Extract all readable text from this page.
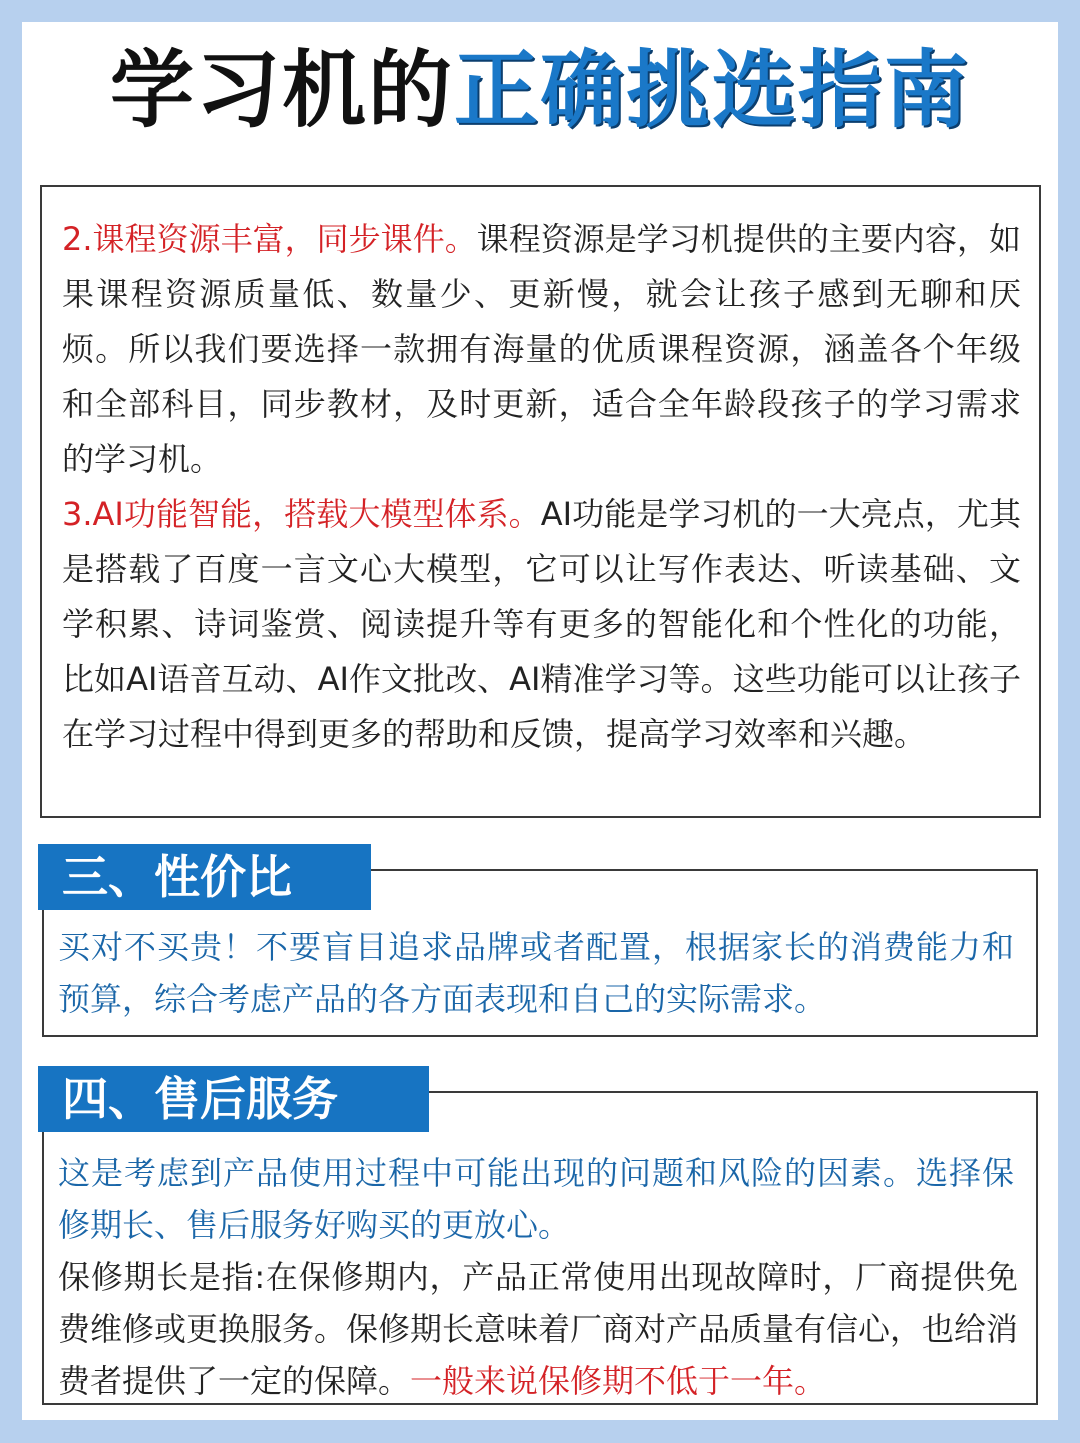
学习机的正确挑选指南

2.课程资源丰富，同步课件。课程资源是学习机提供的主要内容，如果课程资源质量低、数量少、更新慢，就会让孩子感到无聊和厌烦。所以我们要选择一款拥有海量的优质课程资源，涵盖各个年级和全部科目，同步教材，及时更新，适合全年龄段孩子的学习需求的学习机。

3.AI功能智能，搭载大模型体系。AI功能是学习机的一大亮点，尤其是搭载了百度一言文心大模型，它可以让写作表达、听读基础、文学积累、诗词鉴赏、阅读提升等有更多的智能化和个性化的功能，比如AI语音互动、AI作文批改、AI精准学习等。这些功能可以让孩子在学习过程中得到更多的帮助和反馈，提高学习效率和兴趣。

买对不买贵！不要盲目追求品牌或者配置，根据家长的消费能力和预算，综合考虑产品的各方面表现和自己的实际需求。

三、性价比

这是考虑到产品使用过程中可能出现的问题和风险的因素。选择保修期长、售后服务好购买的更放心。

保修期长是指:在保修期内，产品正常使用出现故障时，厂商提供免费维修或更换服务。保修期长意味着厂商对产品质量有信心，也给消费者提供了一定的保障。一般来说保修期不低于一年。

四、售后服务
